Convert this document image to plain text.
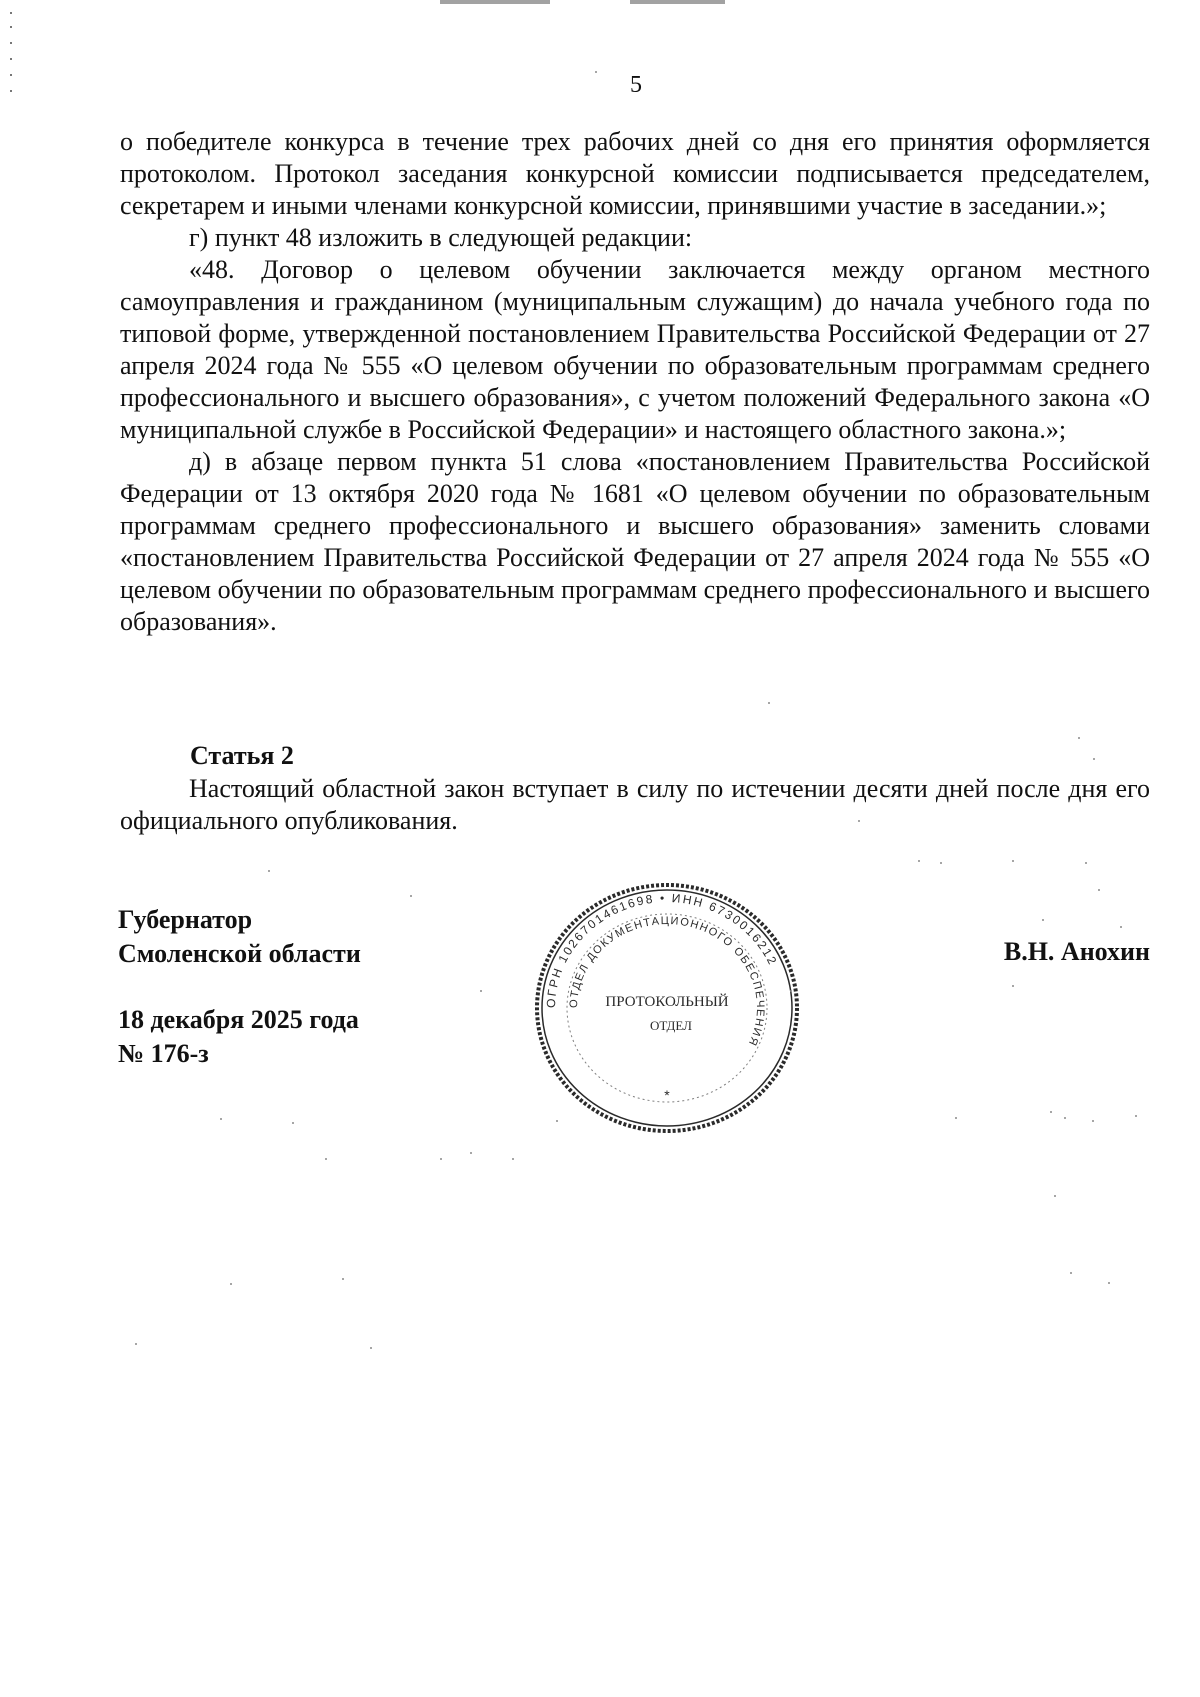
5

о победителе конкурса в течение трех рабочих дней со дня его принятия оформляется протоколом. Протокол заседания конкурсной комиссии подписывается председателем, секретарем и иными членами конкурсной комиссии, принявшими участие в заседании.»;

г) пункт 48 изложить в следующей редакции:

«48. Договор о целевом обучении заключается между органом местного самоуправления и гражданином (муниципальным служащим) до начала учебного года по типовой форме, утвержденной постановлением Правительства Российской Федерации от 27 апреля 2024 года № 555 «О целевом обучении по образовательным программам среднего профессионального и высшего образования», с учетом положений Федерального закона «О муниципальной службе в Российской Федерации» и настоящего областного закона.»;

д) в абзаце первом пункта 51 слова «постановлением Правительства Российской Федерации от 13 октября 2020 года № 1681 «О целевом обучении по образовательным программам среднего профессионального и высшего образования» заменить словами «постановлением Правительства Российской Федерации от 27 апреля 2024 года № 555 «О целевом обучении по образовательным программам среднего профессионального и высшего образования».

Статья 2

Настоящий областной закон вступает в силу по истечении десяти дней после дня его официального опубликования.

Губернатор
Смоленской области	В.Н. Анохин
18 декабря 2025 года
№ 176-з
ОГРН 1026701461698 • ИНН 6730016212
ОТДЕЛ ДОКУМЕНТАЦИОННОГО ОБЕСПЕЧЕНИЯ
ПРОТОКОЛЬНЫЙ
ОТДЕЛ
*
